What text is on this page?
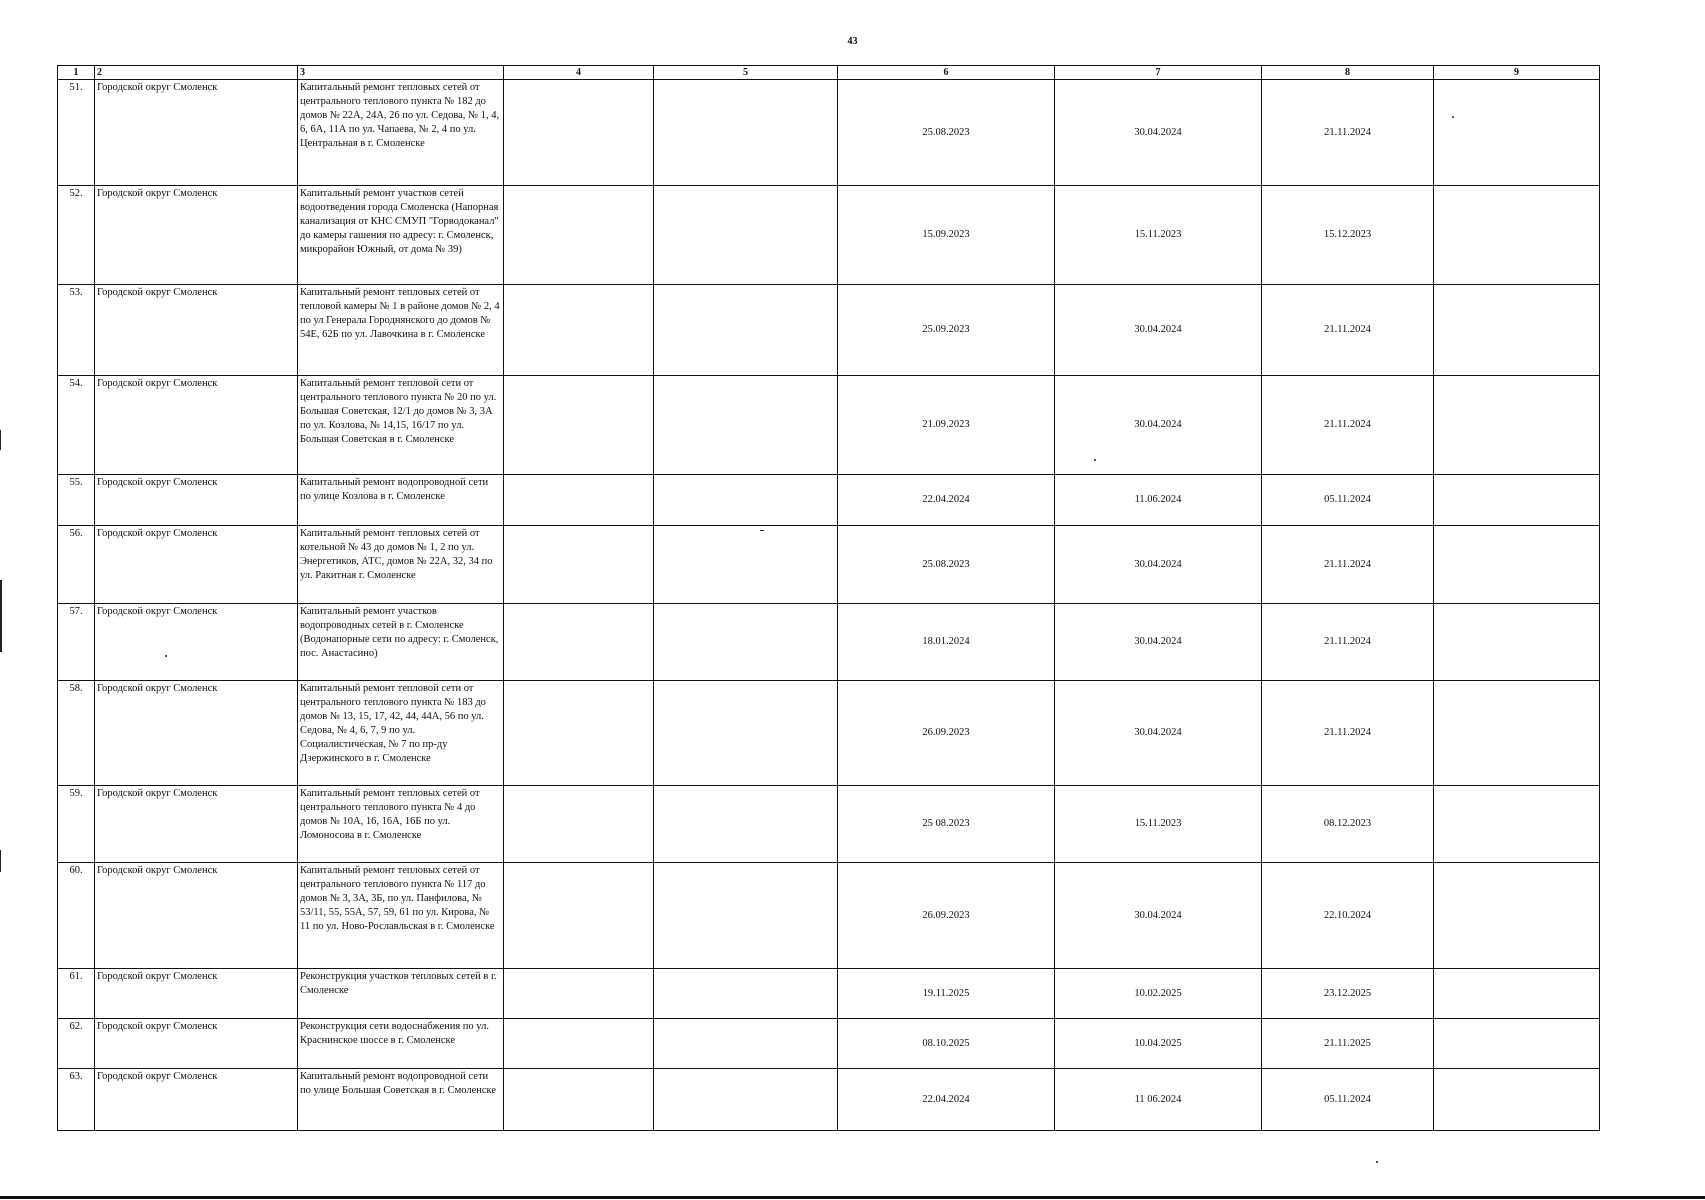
43
1	2	3	4	5	6	7	8	9
51.	Городской округ Смоленск	Капитальный ремонт тепловых сетей от центрального теплового пункта № 182 до домов № 22А, 24А, 26 по ул. Седова, № 1, 4, 6, 6А, 11А по ул. Чапаева, № 2, 4 по ул. Центральная в г. Смоленске			25.08.2023	30.04.2024	21.11.2024	
52.	Городской округ Смоленск	Капитальный ремонт участков сетей водоотведения города Смоленска (Напорная канализация от КНС СМУП "Горводоканал" до камеры гашения по адресу: г. Смоленск, микрорайон Южный, от дома № 39)			15.09.2023	15.11.2023	15.12.2023	
53.	Городской округ Смоленск	Капитальный ремонт тепловых сетей от тепловой камеры № 1 в районе домов № 2, 4 по ул Генерала Городнянского до домов № 54Е, 62Б по ул. Лавочкина в г. Смоленске			25.09.2023	30.04.2024	21.11.2024	
54.	Городской округ Смоленск	Капитальный ремонт тепловой сети от центрального теплового пункта № 20 по ул. Большая Советская, 12/1 до домов № 3, 3А по ул. Козлова, № 14,15, 16/17 по ул. Большая Советская в г. Смоленске			21.09.2023	30.04.2024	21.11.2024	
55.	Городской округ Смоленск	Капитальный ремонт водопроводной сети по улице Козлова в г. Смоленске			22.04.2024	11.06.2024	05.11.2024	
56.	Городской округ Смоленск	Капитальный ремонт тепловых сетей от котельной № 43 до домов № 1, 2 по ул. Энергетиков, АТС, домов № 22А, 32, 34 по ул. Ракитная г. Смоленске			25.08.2023	30.04.2024	21.11.2024	
57.	Городской округ Смоленск	Капитальный ремонт участков водопроводных сетей в г. Смоленске (Водонапорные сети по адресу: г. Смоленск, пос. Анастасино)			18.01.2024	30.04.2024	21.11.2024	
58.	Городской округ Смоленск	Капитальный ремонт тепловой сети от центрального теплового пункта № 183 до домов № 13, 15, 17, 42, 44, 44А, 56 по ул. Седова, № 4, 6, 7, 9 по ул. Социалистическая, № 7 по пр-ду Дзержинского в г. Смоленске			26.09.2023	30.04.2024	21.11.2024	
59.	Городской округ Смоленск	Капитальный ремонт тепловых сетей от центрального теплового пункта № 4 до домов № 10А, 16, 16А, 16Б по ул. Ломоносова в г. Смоленске			25 08.2023	15.11.2023	08.12.2023	
60.	Городской округ Смоленск	Капитальный ремонт тепловых сетей от центрального теплового пункта № 117 до домов № 3, 3А, 3Б, по ул. Панфилова, № 53/11, 55, 55А, 57, 59, 61 по ул. Кирова, № 11 по ул. Ново-Рославльская в г. Смоленске			26.09.2023	30.04.2024	22.10.2024	
61.	Городской округ Смоленск	Реконструкция участков тепловых сетей в г. Смоленске			19.11.2025	10.02.2025	23.12.2025	
62.	Городской округ Смоленск	Реконструкция сети водоснабжения по ул. Краснинское шоссе в г. Смоленске			08.10.2025	10.04.2025	21.11.2025	
63.	Городской округ Смоленск	Капитальный ремонт водопроводной сети по улице Большая Советская в г. Смоленске			22.04.2024	11 06.2024	05.11.2024	
